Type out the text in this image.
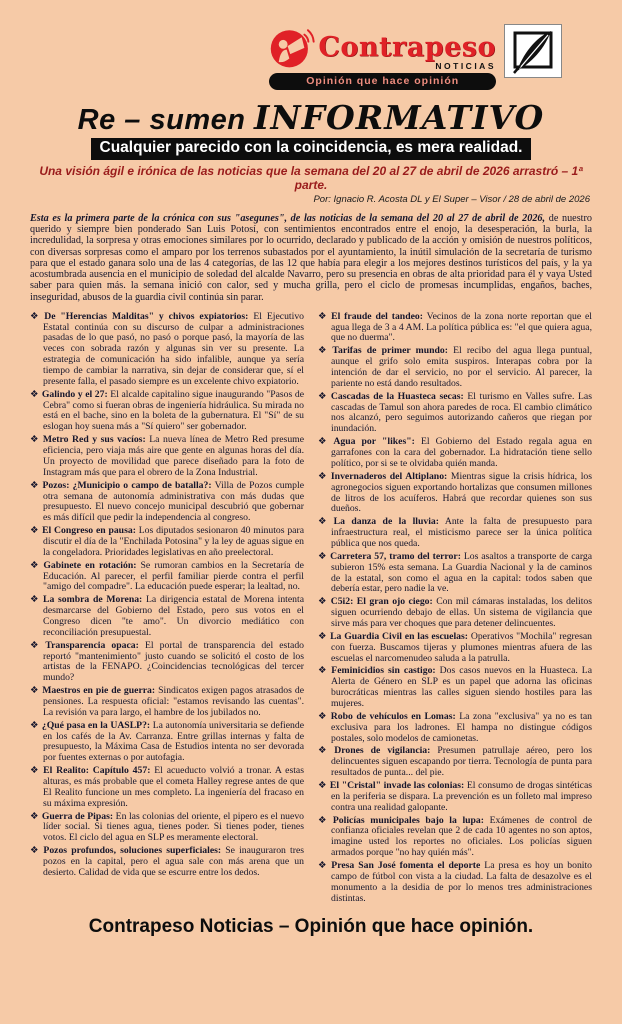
Contrapeso
NOTICIAS
Opinión que hace opinión
Re – sumen INFORMATIVO
Cualquier parecido con la coincidencia, es mera realidad.
Una visión ágil e irónica de las noticias que la semana del 20 al 27 de abril de 2026 arrastró – 1ª parte.
Por: Ignacio R. Acosta DL y El Super – Visor / 28 de abril de 2026

Esta es la primera parte de la crónica con sus "asegunes", de las noticias de la semana del 20 al 27 de abril de 2026, de nuestro querido y siempre bien ponderado San Luis Potosí, con sentimientos encontrados entre el enojo, la desesperación, la burla, la incredulidad, la sorpresa y otras emociones similares por lo ocurrido, declarado y publicado de la acción y omisión de nuestros políticos, con diversas sorpresas como el amparo por los terrenos subastados por el ayuntamiento, la inútil simulación de la secretaría de turismo para que el estado ganara solo una de las 4 categorías, de las 12 que había para elegir a los mejores destinos turísticos del país, y la ya acostumbrada ausencia en el municipio de soledad del alcalde Navarro, pero su presencia en obras de alta prioridad para él y vaya Usted saber para quien más. la semana inició con calor, sed y mucha grilla, pero el ciclo de promesas incumplidas, engaños, baches, inseguridad, abusos de la guardia civil continúa sin parar.

❖ De "Herencias Malditas" y chivos expiatorios: El Ejecutivo Estatal continúa con su discurso de culpar a administraciones pasadas de lo que pasó, no pasó o porque pasó, la mayoría de las veces con sobrada razón y algunas sin ver su presente. La estrategia de comunicación ha sido infalible, aunque ya sería tiempo de cambiar la narrativa, sin dejar de considerar que, sí el presente falla, el pasado siempre es un excelente chivo expiatorio.
❖ Galindo y el 27: El alcalde capitalino sigue inaugurando "Pasos de Cebra" como si fueran obras de ingeniería hidráulica. Su mirada no está en el bache, sino en la boleta de la gubernatura. El "Sí" de su eslogan hoy suena más a "Sí quiero" ser gobernador.
❖ Metro Red y sus vacíos: La nueva línea de Metro Red presume eficiencia, pero viaja más aire que gente en algunas horas del día. Un proyecto de movilidad que parece diseñado para la foto de Instagram más que para el obrero de la Zona Industrial.
❖ Pozos: ¿Municipio o campo de batalla?: Villa de Pozos cumple otra semana de autonomía administrativa con más dudas que presupuesto. El nuevo concejo municipal descubrió que gobernar es más difícil que pedir la independencia al congreso.
❖ El Congreso en pausa: Los diputados sesionaron 40 minutos para discutir el día de la "Enchilada Potosina" y la ley de aguas sigue en la congeladora. Prioridades legislativas en año preelectoral.
❖ Gabinete en rotación: Se rumoran cambios en la Secretaría de Educación. Al parecer, el perfil familiar pierde contra el perfil "amigo del compadre". La educación puede esperar; la lealtad, no.
❖ La sombra de Morena: La dirigencia estatal de Morena intenta desmarcarse del Gobierno del Estado, pero sus votos en el Congreso dicen "te amo". Un divorcio mediático con reconciliación presupuestal.
❖ Transparencia opaca: El portal de transparencia del estado reportó "mantenimiento" justo cuando se solicitó el costo de los artistas de la FENAPO. ¿Coincidencias tecnológicas del tercer mundo?
❖ Maestros en pie de guerra: Sindicatos exigen pagos atrasados de pensiones. La respuesta oficial: "estamos revisando las cuentas". La revisión va para largo, el hambre de los jubilados no.
❖ ¿Qué pasa en la UASLP?: La autonomía universitaria se defiende en los cafés de la Av. Carranza. Entre grillas internas y falta de presupuesto, la Máxima Casa de Estudios intenta no ser devorada por fuentes externas o por autofagia.
❖ El Realito: Capítulo 457: El acueducto volvió a tronar. A estas alturas, es más probable que el cometa Halley regrese antes de que El Realito funcione un mes completo. La ingeniería del fracaso en su máxima expresión.
❖ Guerra de Pipas: En las colonias del oriente, el pipero es el nuevo líder social. Si tienes agua, tienes poder. Si tienes poder, tienes votos. El ciclo del agua en SLP es meramente electoral.
❖ Pozos profundos, soluciones superficiales: Se inauguraron tres pozos en la capital, pero el agua sale con más arena que un desierto. Calidad de vida que se escurre entre los dedos.
❖ El fraude del tandeo: Vecinos de la zona norte reportan que el agua llega de 3 a 4 AM. La política pública es: "el que quiera agua, que no duerma".
❖ Tarifas de primer mundo: El recibo del agua llega puntual, aunque el grifo solo emita suspiros. Interapas cobra por la intención de dar el servicio, no por el servicio. Al parecer, la pariente no está dando resultados.
❖ Cascadas de la Huasteca secas: El turismo en Valles sufre. Las cascadas de Tamul son ahora paredes de roca. El cambio climático nos alcanzó, pero seguimos autorizando cañeros que riegan por inundación.
❖ Agua por "likes": El Gobierno del Estado regala agua en garrafones con la cara del gobernador. La hidratación tiene sello político, por si se te olvidaba quién manda.
❖ Invernaderos del Altiplano: Mientras sigue la crisis hídrica, los agronegocios siguen exportando hortalizas que consumen millones de litros de los acuíferos. Habrá que recordar quienes son sus dueños.
❖ La danza de la lluvia: Ante la falta de presupuesto para infraestructura real, el misticismo parece ser la única política pública que nos queda.
❖ Carretera 57, tramo del terror: Los asaltos a transporte de carga subieron 15% esta semana. La Guardia Nacional y la de caminos de la estatal, son como el agua en la capital: todos saben que debería estar, pero nadie la ve.
❖ C5i2: El gran ojo ciego: Con mil cámaras instaladas, los delitos siguen ocurriendo debajo de ellas. Un sistema de vigilancia que sirve más para ver choques que para detener delincuentes.
❖ La Guardia Civil en las escuelas: Operativos "Mochila" regresan con fuerza. Buscamos tijeras y plumones mientras afuera de las escuelas el narcomenudeo saluda a la patrulla.
❖ Feminicidios sin castigo: Dos casos nuevos en la Huasteca. La Alerta de Género en SLP es un papel que adorna las oficinas burocráticas mientras las calles siguen siendo hostiles para las mujeres.
❖ Robo de vehículos en Lomas: La zona "exclusiva" ya no es tan exclusiva para los ladrones. El hampa no distingue códigos postales, solo modelos de camionetas.
❖ Drones de vigilancia: Presumen patrullaje aéreo, pero los delincuentes siguen escapando por tierra. Tecnología de punta para resultados de punta... del pie.
❖ El "Cristal" invade las colonias: El consumo de drogas sintéticas en la periferia se dispara. La prevención es un folleto mal impreso contra una realidad galopante.
❖ Policías municipales bajo la lupa: Exámenes de control de confianza oficiales revelan que 2 de cada 10 agentes no son aptos, imagine usted los reportes no oficiales. Los policías siguen armados porque "no hay quién más".
❖ Presa San José fomenta el deporte La presa es hoy un bonito campo de fútbol con vista a la ciudad. La falta de desazolve es el monumento a la desidia de por lo menos tres administraciones distintas.
Contrapeso Noticias – Opinión que hace opinión.
